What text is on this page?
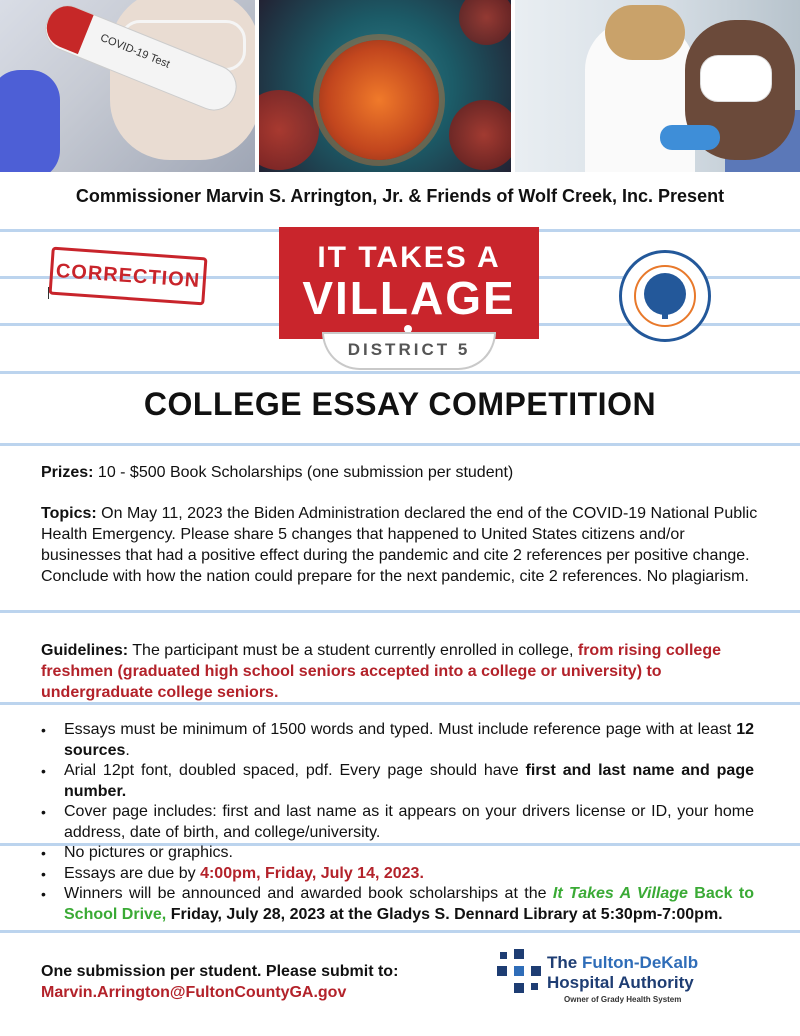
COVID-19 Test
Commissioner Marvin S. Arrington, Jr. & Friends of Wolf Creek, Inc. Present
CORRECTION
IT TAKES A
VILLAGE
DISTRICT 5
COLLEGE ESSAY COMPETITION
Prizes: 10 - $500 Book Scholarships (one submission per student)
Topics: On May 11, 2023 the Biden Administration declared the end of the COVID-19 National Public Health Emergency. Please share 5 changes that happened to United States citizens and/or businesses that had a positive effect during the pandemic and cite 2 references per positive change. Conclude with how the nation could prepare for the next pandemic, cite 2 references. No plagiarism.
Guidelines: The participant must be a student currently enrolled in college, from rising college freshmen (graduated high school seniors accepted into a college or university) to undergraduate college seniors.
• Essays must be minimum of 1500 words and typed. Must include reference page with at least 12 sources.
• Arial 12pt font, doubled spaced, pdf. Every page should have first and last name and page number.
• Cover page includes: first and last name as it appears on your drivers license or ID, your home address, date of birth, and college/university.
• No pictures or graphics.
• Essays are due by 4:00pm, Friday, July 14, 2023.
• Winners will be announced and awarded book scholarships at the It Takes A Village Back to School Drive, Friday, July 28, 2023 at the Gladys S. Dennard Library at 5:30pm-7:00pm.
One submission per student. Please submit to:
Marvin.Arrington@FultonCountyGA.gov
The Fulton-DeKalb
Hospital Authority
Owner of Grady Health System
